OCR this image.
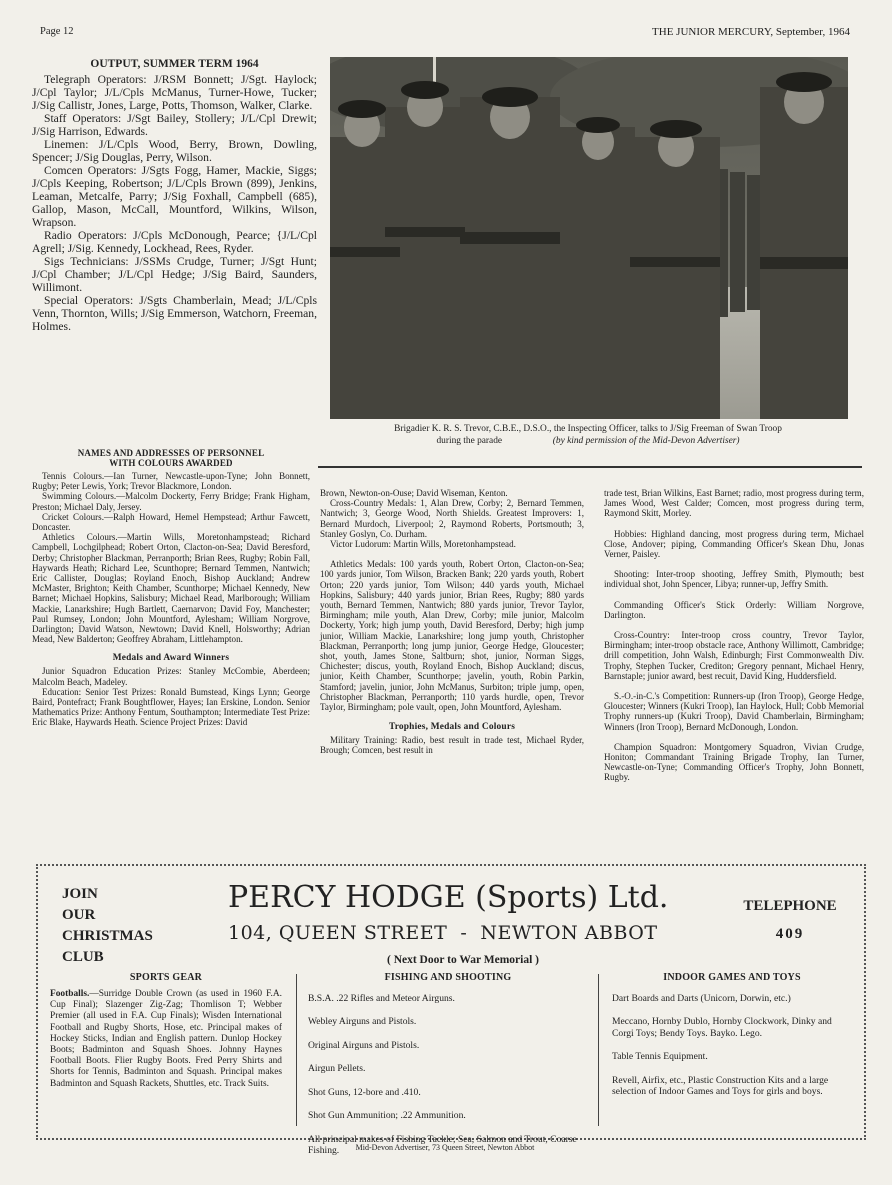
Page 12	THE JUNIOR MERCURY, September, 1964
OUTPUT, SUMMER TERM 1964

Telegraph Operators: J/RSM Bonnett; J/Sgt. Haylock; J/Cpl Taylor; J/L/Cpls McManus, Turner-Howe, Tucker; J/Sig Callistr, Jones, Large, Potts, Thomson, Walker, Clarke.

Staff Operators: J/Sgt Bailey, Stollery; J/L/Cpl Drewit; J/Sig Harrison, Edwards.

Linemen: J/L/Cpls Wood, Berry, Brown, Dowling, Spencer; J/Sig Douglas, Perry, Wilson.

Comcen Operators: J/Sgts Fogg, Hamer, Mackie, Siggs; J/Cpls Keeping, Robertson; J/L/Cpls Brown (899), Jenkins, Leaman, Metcalfe, Parry; J/Sig Foxhall, Campbell (685), Gallop, Mason, McCall, Mountford, Wilkins, Wilson, Wrapson.

Radio Operators: J/Cpls McDonough, Pearce; {J/L/Cpl Agrell; J/Sig. Kennedy, Lockhead, Rees, Ryder.

Sigs Technicians: J/SSMs Crudge, Turner; J/Sgt Hunt; J/Cpl Chamber; J/L/Cpl Hedge; J/Sig Baird, Saunders, Willimont.

Special Operators: J/Sgts Chamberlain, Mead; J/L/Cpls Venn, Thornton, Wills; J/Sig Emmerson, Watchorn, Freeman, Holmes.

Brigadier K. R. S. Trevor, C.B.E., D.S.O., the Inspecting Officer, talks to J/Sig Freeman of Swan Troop
during the parade	(by kind permission of the Mid-Devon Advertiser)
NAMES AND ADDRESSES OF PERSONNEL
WITH COLOURS AWARDED

Tennis Colours.—Ian Turner, Newcastle-upon-Tyne; John Bonnett, Rugby; Peter Lewis, York; Trevor Blackmore, London.

Swimming Colours.—Malcolm Dockerty, Ferry Bridge; Frank Higham, Preston; Michael Daly, Jersey.

Cricket Colours.—Ralph Howard, Hemel Hempstead; Arthur Fawcett, Doncaster.

Athletics Colours.—Martin Wills, Moretonhampstead; Richard Campbell, Lochgilphead; Robert Orton, Clacton-on-Sea; David Beresford, Derby; Christopher Blackman, Perranporth; Brian Rees, Rugby; Robin Fall, Haywards Heath; Richard Lee, Scunthopre; Bernard Temmen, Nantwich; Eric Callister, Douglas; Royland Enoch, Bishop Auckland; Andrew McMaster, Brighton; Keith Chamber, Scunthorpe; Michael Kennedy, New Barnet; Michael Hopkins, Salisbury; Michael Read, Marlborough; William Mackie, Lanarkshire; Hugh Bartlett, Caernarvon; David Foy, Manchester; Paul Rumsey, London; John Mountford, Aylesham; William Norgrove, Darlington; David Watson, Newtown; David Knell, Holsworthy; Adrian Mead, New Balderton; Geoffrey Abraham, Littlehampton.

Medals and Award Winners

Junior Squadron Education Prizes: Stanley McCombie, Aberdeen; Malcolm Beach, Madeley.

Education: Senior Test Prizes: Ronald Bumstead, Kings Lynn; George Baird, Pontefract; Frank Boughtflower, Hayes; Ian Erskine, London. Senior Mathematics Prize: Anthony Fentum, Southampton; Intermediate Test Prize: Eric Blake, Haywards Heath. Science Project Prizes: David

Brown, Newton-on-Ouse; David Wiseman, Kenton.

Cross-Country Medals: 1, Alan Drew, Corby; 2, Bernard Temmen, Nantwich; 3, George Wood, North Shields. Greatest Improvers: 1, Bernard Murdoch, Liverpool; 2, Raymond Roberts, Portsmouth; 3, Stanley Goslyn, Co. Durham.

Victor Ludorum: Martin Wills, Moretonhampstead.

Athletics Medals: 100 yards youth, Robert Orton, Clacton-on-Sea; 100 yards junior, Tom Wilson, Bracken Bank; 220 yards youth, Robert Orton; 220 yards junior, Tom Wilson; 440 yards youth, Michael Hopkins, Salisbury; 440 yards junior, Brian Rees, Rugby; 880 yards youth, Bernard Temmen, Nantwich; 880 yards junior, Trevor Taylor, Birmingham; mile youth, Alan Drew, Corby; mile junior, Malcolm Dockerty, York; high jump youth, David Beresford, Derby; high jump junior, William Mackie, Lanarkshire; long jump youth, Christopher Blackman, Perranporth; long jump junior, George Hedge, Gloucester; shot, youth, James Stone, Saltburn; shot, junior, Norman Siggs, Chichester; discus, youth, Royland Enoch, Bishop Auckland; discus, junior, Keith Chamber, Scunthorpe; javelin, youth, Robin Parkin, Stamford; javelin, junior, John McManus, Surbiton; triple jump, open, Christopher Blackman, Perranporth; 110 yards hurdle, open, Trevor Taylor, Birmingham; pole vault, open, John Mountford, Aylesham.

Trophies, Medals and Colours

Military Training: Radio, best result in trade test, Michael Ryder, Brough; Comcen, best result in

trade test, Brian Wilkins, East Barnet; radio, most progress during term, James Wood, West Calder; Comcen, most progress during term, Raymond Skitt, Morley.

Hobbies: Highland dancing, most progress during term, Michael Close, Andover; piping, Commanding Officer's Skean Dhu, Jonas Verner, Paisley.

Shooting: Inter-troop shooting, Jeffrey Smith, Plymouth; best individual shot, John Spencer, Libya; runner-up, Jeffry Smith.

Commanding Officer's Stick Orderly: William Norgrove, Darlington.

Cross-Country: Inter-troop cross country, Trevor Taylor, Birmingham; inter-troop obstacle race, Anthony Willimott, Cambridge; drill competition, John Walsh, Edinburgh; First Commonwealth Div. Trophy, Stephen Tucker, Crediton; Gregory pennant, Michael Henry, Barnstaple; junior award, best recuit, David King, Huddersfield.

S.-O.-in-C.'s Competition: Runners-up (Iron Troop), George Hedge, Gloucester; Winners (Kukri Troop), Ian Haylock, Hull; Cobb Memorial Trophy runners-up (Kukri Troop), David Chamberlain, Birmingham; Winners (Iron Troop), Bernard McDonough, London.

Champion Squadron: Montgomery Squadron, Vivian Crudge, Honiton; Commandant Training Brigade Trophy, Ian Turner, Newcastle-on-Tyne; Commanding Officer's Trophy, John Bonnett, Rugby.

JOIN
OUR
CHRISTMAS
CLUB
PERCY HODGE (Sports) Ltd.
104, QUEEN STREET  -  NEWTON ABBOT
( Next Door to War Memorial )
TELEPHONE
409
SPORTS GEAR
Footballs.—Surridge Double Crown (as used in 1960 F.A. Cup Final); Slazenger Zig-Zag; Thomlison T; Webber Premier (all used in F.A. Cup Finals); Wisden International Football and Rugby Shorts, Hose, etc. Principal makes of Hockey Sticks, Indian and English pattern. Dunlop Hockey Boots; Badminton and Squash Shoes. Johnny Haynes Football Boots. Flier Rugby Boots. Fred Perry Shirts and Shorts for Tennis, Badminton and Squash. Principal makes Badminton and Squash Rackets, Shuttles, etc. Track Suits.
FISHING AND SHOOTING
B.S.A. .22 Rifles and Meteor Airguns.
Webley Airguns and Pistols.
Original Airguns and Pistols.
Airgun Pellets.
Shot Guns, 12-bore and .410.
Shot Gun Ammunition; .22 Ammunition.
All principal makes of Fishing Tackle; Sea, Salmon and Trout, Coarse Fishing.
INDOOR GAMES AND TOYS
Dart Boards and Darts (Unicorn, Dorwin, etc.)
Meccano, Hornby Dublo, Hornby Clockwork, Dinky and Corgi Toys; Bendy Toys. Bayko. Lego.
Table Tennis Equipment.
Revell, Airfix, etc., Plastic Construction Kits and a large selection of Indoor Games and Toys for girls and boys.
Mid-Devon Advertiser, 73 Queen Street, Newton Abbot
